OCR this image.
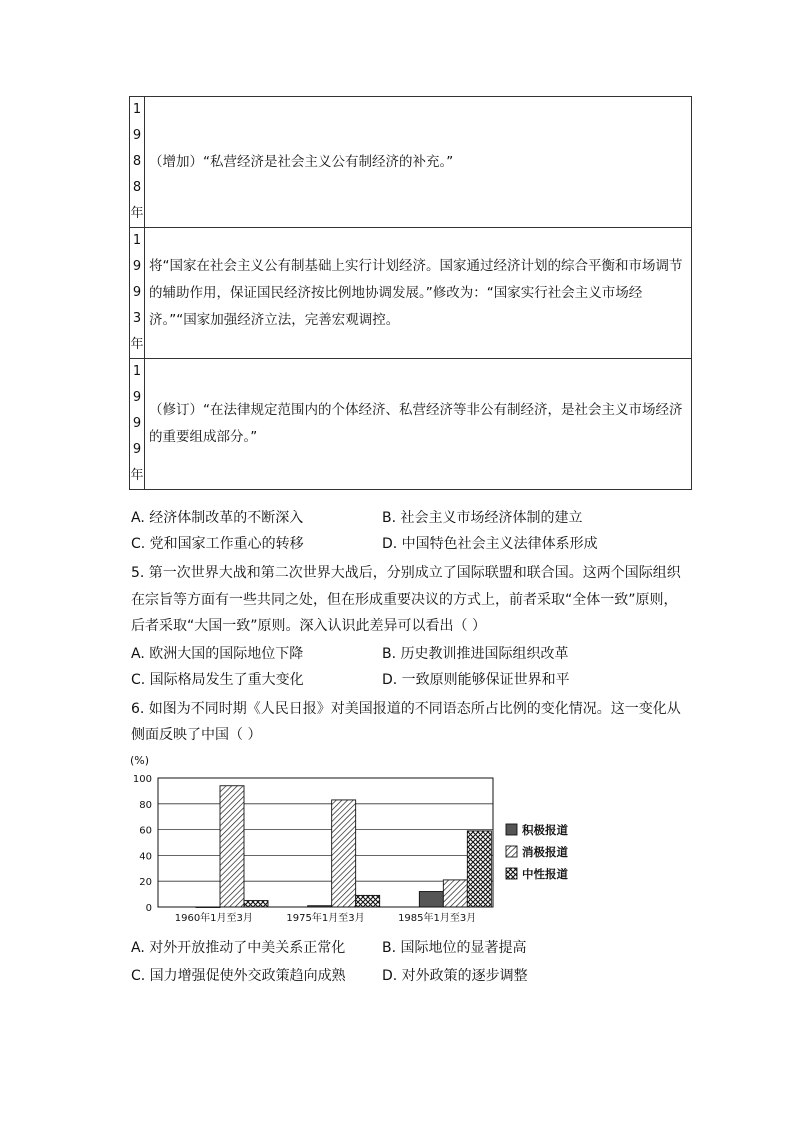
1
9
8
8
年	（增加）“私营经济是社会主义公有制经济的补充。”

1
9
9
3
年	将“国家在社会主义公有制基础上实行计划经济。国家通过经济计划的综合平衡和市场调节的辅助作用，保证国民经济按比例地协调发展。”修改为：“国家实行社会主义市场经济。”“国家加强经济立法，完善宏观调控。

1
9
9
9
年	（修订）“在法律规定范围内的个体经济、私营经济等非公有制经济，是社会主义市场经济的重要组成部分。”
A. 经济体制改革的不断深入	B. 社会主义市场经济体制的建立
C. 党和国家工作重心的转移	D. 中国特色社会主义法律体系形成
5. 第一次世界大战和第二次世界大战后，分别成立了国际联盟和联合国。这两个国际组织
在宗旨等方面有一些共同之处，但在形成重要决议的方式上，前者采取“全体一致”原则，
后者采取“大国一致”原则。深入认识此差异可以看出（ ）
A. 欧洲大国的国际地位下降	B. 历史教训推进国际组织改革
C. 国际格局发生了重大变化	D. 一致原则能够保证世界和平
6. 如图为不同时期《人民日报》对美国报道的不同语态所占比例的变化情况。这一变化从
侧面反映了中国（ ）
(%)
0
20
40
60
80
100
1960年1月至3月	1975年1月至3月	1985年1月至3月
积极报道
消极报道
中性报道
A. 对外开放推动了中美关系正常化	B. 国际地位的显著提高
C. 国力增强促使外交政策趋向成熟	D. 对外政策的逐步调整
